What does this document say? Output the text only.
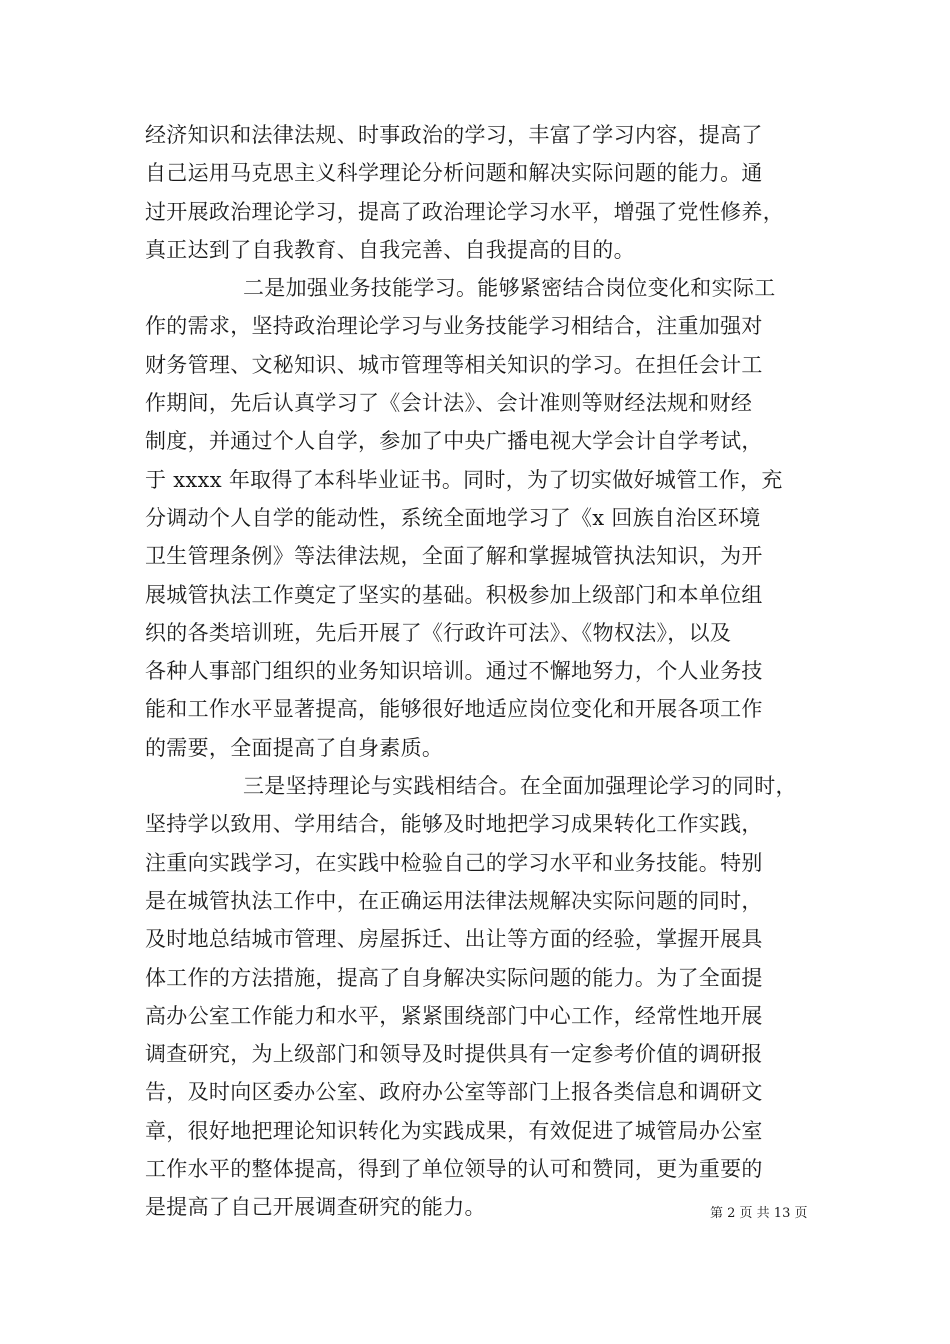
经济知识和法律法规、时事政治的学习，丰富了学习内容，提高了
自己运用马克思主义科学理论分析问题和解决实际问题的能力。通
过开展政治理论学习，提高了政治理论学习水平，增强了党性修养，
真正达到了自我教育、自我完善、自我提高的目的。
二是加强业务技能学习。能够紧密结合岗位变化和实际工
作的需求，坚持政治理论学习与业务技能学习相结合，注重加强对
财务管理、文秘知识、城市管理等相关知识的学习。在担任会计工
作期间，先后认真学习了《会计法》、会计准则等财经法规和财经
制度，并通过个人自学，参加了中央广播电视大学会计自学考试，
于 xxxx 年取得了本科毕业证书。同时，为了切实做好城管工作，充
分调动个人自学的能动性，系统全面地学习了《x 回族自治区环境
卫生管理条例》等法律法规，全面了解和掌握城管执法知识，为开
展城管执法工作奠定了坚实的基础。积极参加上级部门和本单位组
织的各类培训班，先后开展了《行政许可法》、《物权法》，以及
各种人事部门组织的业务知识培训。通过不懈地努力，个人业务技
能和工作水平显著提高，能够很好地适应岗位变化和开展各项工作
的需要，全面提高了自身素质。
三是坚持理论与实践相结合。在全面加强理论学习的同时，
坚持学以致用、学用结合，能够及时地把学习成果转化工作实践，
注重向实践学习，在实践中检验自己的学习水平和业务技能。特别
是在城管执法工作中，在正确运用法律法规解决实际问题的同时，
及时地总结城市管理、房屋拆迁、出让等方面的经验，掌握开展具
体工作的方法措施，提高了自身解决实际问题的能力。为了全面提
高办公室工作能力和水平，紧紧围绕部门中心工作，经常性地开展
调查研究，为上级部门和领导及时提供具有一定参考价值的调研报
告，及时向区委办公室、政府办公室等部门上报各类信息和调研文
章，很好地把理论知识转化为实践成果，有效促进了城管局办公室
工作水平的整体提高，得到了单位领导的认可和赞同，更为重要的
是提高了自己开展调查研究的能力。	第 2 页 共 13 页
